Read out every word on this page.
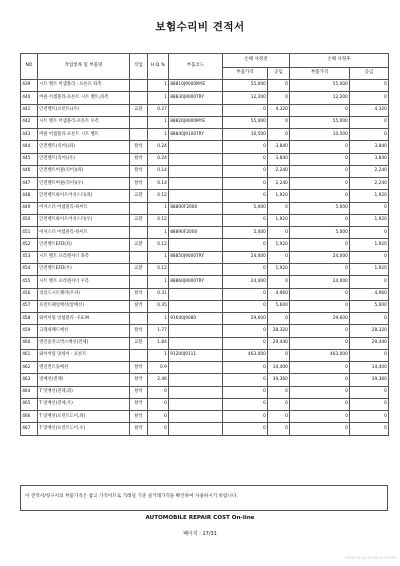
보험수리비 견적서
NO	작업항목 및 부품명	작업	H.Q.%	부품코드	손해 사정전		손해 사정후	
					부품가격	공임	부품가격	공임
439	시트 벨트 어셈블리 - 프론트 좌측		1	88810J9000MYE	55,000	0	55,000	0
440	버클 어셈블리-프론트 시트 벨트,좌측		1	88830J9000TRY	12,200	0	12,200	0
441	안전벨트(프런트)(우)	교환	0.27		0	4,320	0	4,320
442	시트 벨트 어셈블리-프론트 우측		1	88820J9000MYE	55,000	0	55,000	0
443	버클 어셈블리-프론트 시트 벨트		1	88840J9100TRY	10,500	0	10,500	0
444	안전벨트(리어)(좌)	탈착	0.24		0	3,840	0	3,840
445	안전벨트(리어)(우)	탈착	0.24		0	3,840	0	3,840
446	안전벨트버클(리어)(좌)	탈착	0.14		0	2,240	0	2,240
447	안전벨트버클(리어)(우)	탈착	0.14		0	2,240	0	2,240
448	안전벨트하이트어저스터(좌)	교환	0.12		0	1,920	0	1,920
449	어저스터 어셈블리-하이트		1	88890F2000	5,000	0	5,000	0
450	안전벨트하이트어저스터(우)	교환	0.12		0	1,920	0	1,920
451	어저스터 어셈블리-하이트		1	88890F2000	5,000	0	5,000	0
452	안전벨트EFD(좌)	교환	0.12		0	1,920	0	1,920
453	시트 벨트 프리텐셔너 좌측		1	88850J9000TRY	24,000	0	24,000	0
454	안전벨트EFD(우)	교환	0.12		0	1,920	0	1,920
455	시트 벨트 프리텐셔너 우측		1	88860J9000TRY	24,000	0	24,000	0
456	리실드시트랭커(우파)	탈착	0.31		0	4,960	0	4,960
457	프런트패널배선(앞배선)	탈착	0.35		0	5,600	0	5,600
458	와이어링 앗셈블리 - F.E.M		1	91640J9080	29,600	0	29,600	0
459	크래쉬패드배선	탈착	1.77		0	28,320	0	28,320
460	엔진룸쥬크박스배선(전체)	교환	1.84		0	29,440	0	29,440
461	와이어링 앗세이 - 프론트		1	91200J9111	463,000	0	463,000	0
462	엔진컨트롤배선	탈착	0.9		0	14,400	0	14,400
463	빗배선(전체)	탈착	2.46		0	39,360	0	39,360
464	T 빗배선(전체,좌)	탈착	0		0	0	0	0
465	T 빗배선(전체,우)	탈착	0		0	0	0	0
466	T 빗배선(프런트도어,좌)	탈착	0		0	0	0	0
467	T 빗배선(프런트도어,우)	탈착	0		0	0	0	0
이 견적서/청구서의 부품가격은 참고 가격이므로 거래일 기준 실거래가격을 확인하여 사용하시기 바랍니다.
AUTOMOBILE REPAIR COST On-line
페이지 : 17/31
2020-04-01 20:39:51 R7183
